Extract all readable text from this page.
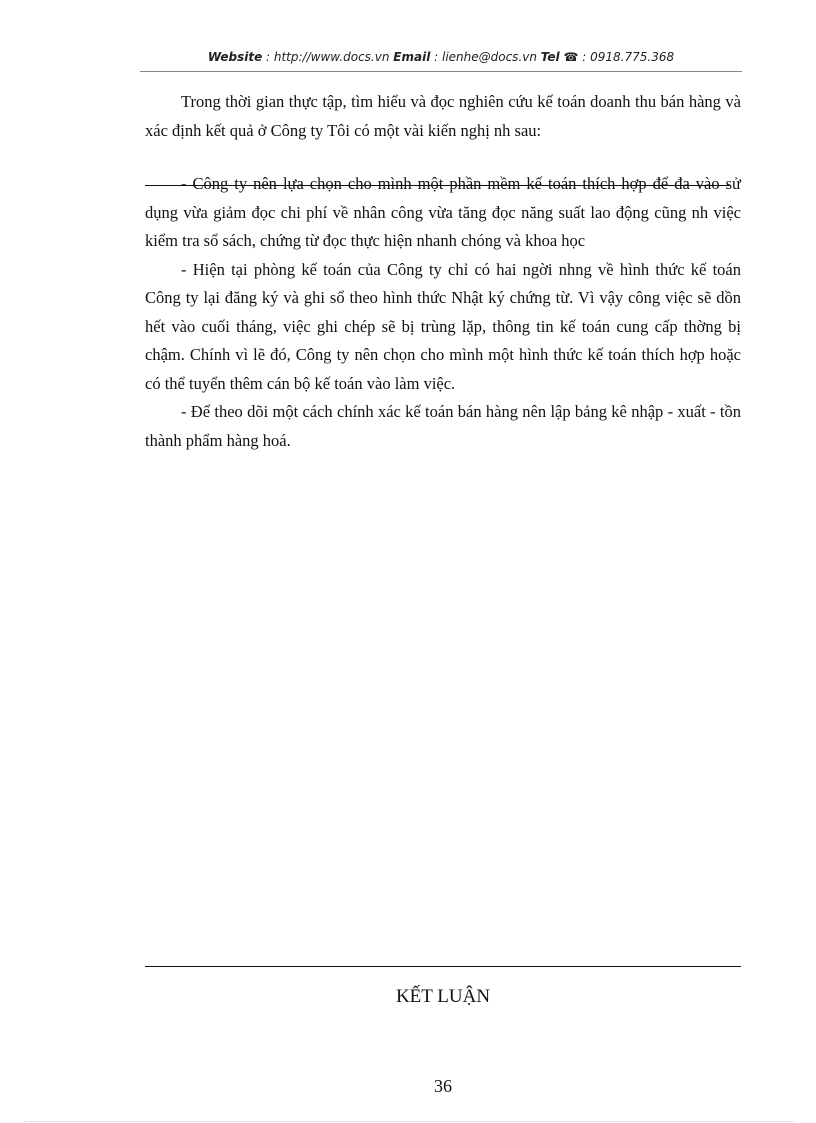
Website : http://www.docs.vn Email : lienhe@docs.vn Tel ☎ : 0918.775.368

Trong thời gian thực tập, tìm hiểu và đọc nghiên cứu kế toán doanh thu bán hàng và xác định kết quả ở Công ty Tôi có một vài kiến nghị nh sau:

- Công ty nên lựa chọn cho mình một phần mềm kế toán thích hợp để đa vào sử dụng vừa giảm đọc chi phí về nhân công vừa tăng đọc năng suất lao động cũng nh việc kiểm tra sổ sách, chứng từ đọc thực hiện nhanh chóng và khoa học

- Hiện tại phòng kế toán của Công ty chỉ có hai ngời nhng về hình thức kế toán Công ty lại đăng ký và ghi sổ theo hình thức Nhật ký chứng từ. Vì vậy công việc sẽ dồn hết vào cuối tháng, việc ghi chép sẽ bị trùng lặp, thông tin kế toán cung cấp thờng bị chậm. Chính vì lẽ đó, Công ty nên chọn cho mình một hình thức kế toán thích hợp hoặc có thể tuyển thêm cán bộ kế toán vào làm việc.

- Để theo dõi một cách chính xác kế toán bán hàng nên lập bảng kê nhập - xuất - tồn thành phẩm hàng hoá.

KẾT LUẬN
36
